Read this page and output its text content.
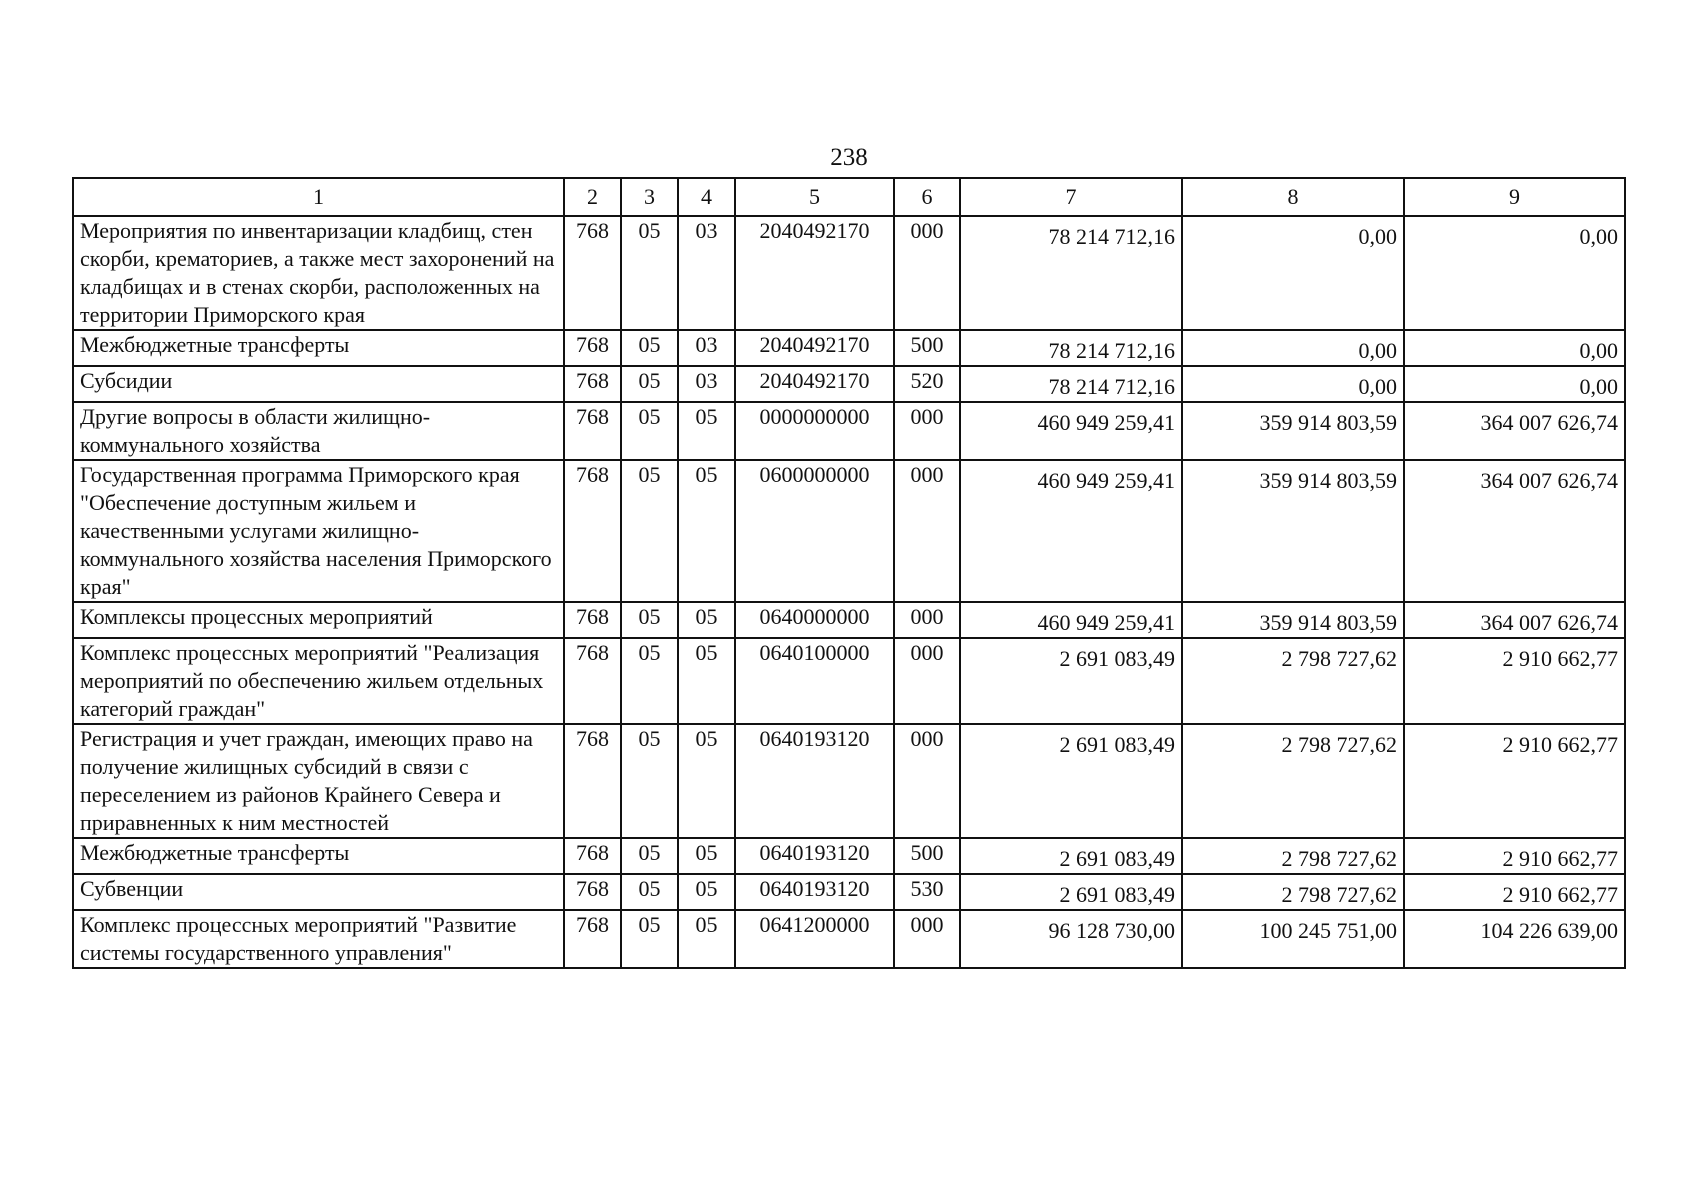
238
1	2	3	4	5	6	7	8	9
Мероприятия по инвентаризации кладбищ, стен скорби, крематориев, а также мест захоронений на кладбищах и в стенах скорби, расположенных на территории Приморского края	768	05	03	2040492170	000	78 214 712,16	0,00	0,00
Межбюджетные трансферты	768	05	03	2040492170	500	78 214 712,16	0,00	0,00
Субсидии	768	05	03	2040492170	520	78 214 712,16	0,00	0,00
Другие вопросы в области жилищно-коммунального хозяйства	768	05	05	0000000000	000	460 949 259,41	359 914 803,59	364 007 626,74
Государственная программа Приморского края "Обеспечение доступным жильем и качественными услугами жилищно-коммунального хозяйства населения Приморского края"	768	05	05	0600000000	000	460 949 259,41	359 914 803,59	364 007 626,74
Комплексы процессных мероприятий	768	05	05	0640000000	000	460 949 259,41	359 914 803,59	364 007 626,74
Комплекс процессных мероприятий "Реализация мероприятий по обеспечению жильем отдельных категорий граждан"	768	05	05	0640100000	000	2 691 083,49	2 798 727,62	2 910 662,77
Регистрация и учет граждан, имеющих право на получение жилищных субсидий в связи с переселением из районов Крайнего Севера и приравненных к ним местностей	768	05	05	0640193120	000	2 691 083,49	2 798 727,62	2 910 662,77
Межбюджетные трансферты	768	05	05	0640193120	500	2 691 083,49	2 798 727,62	2 910 662,77
Субвенции	768	05	05	0640193120	530	2 691 083,49	2 798 727,62	2 910 662,77
Комплекс процессных мероприятий "Развитие системы государственного управления"	768	05	05	0641200000	000	96 128 730,00	100 245 751,00	104 226 639,00
